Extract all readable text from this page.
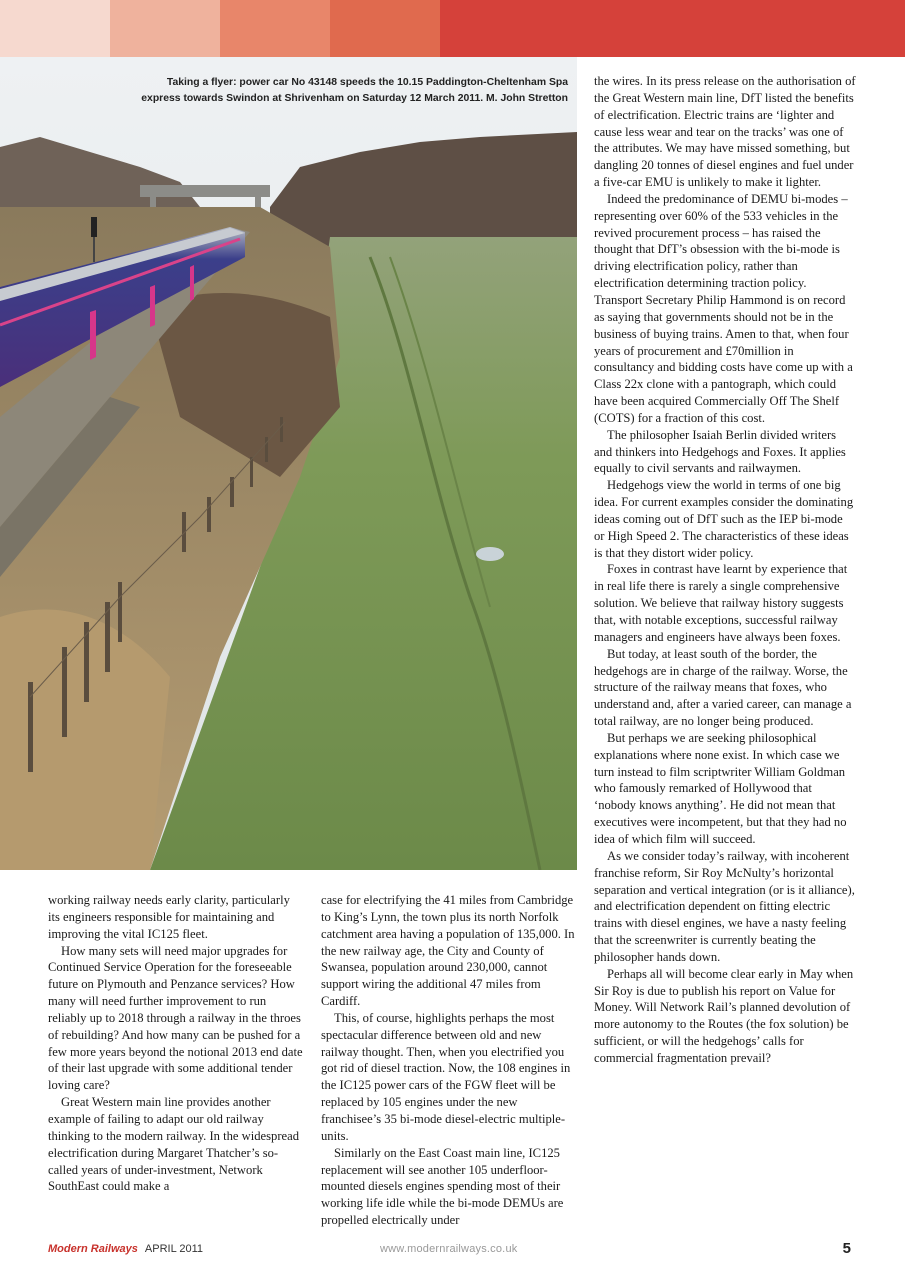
Taking a flyer: power car No 43148 speeds the 10.15 Paddington-Cheltenham Spa
express towards Swindon at Shrivenham on Saturday 12 March 2011. M. John Stretton

working railway needs early clarity, particularly its engineers responsible for maintaining and improving the vital IC125 fleet.

How many sets will need major upgrades for Continued Service Operation for the foreseeable future on Plymouth and Penzance services? How many will need further improvement to run reliably up to 2018 through a railway in the throes of rebuilding? And how many can be pushed for a few more years beyond the notional 2013 end date of their last upgrade with some additional tender loving care?

Great Western main line provides another example of failing to adapt our old railway thinking to the modern railway. In the widespread electrification during Margaret Thatcher’s so-called years of under-investment, Network SouthEast could make a

case for electrifying the 41 miles from Cambridge to King’s Lynn, the town plus its north Norfolk catchment area having a population of 135,000. In the new railway age, the City and County of Swansea, population around 230,000, cannot support wiring the additional 47 miles from Cardiff.

This, of course, highlights perhaps the most spectacular difference between old and new railway thought. Then, when you electrified you got rid of diesel traction. Now, the 108 engines in the IC125 power cars of the FGW fleet will be replaced by 105 engines under the new franchisee’s 35 bi-mode diesel-electric multiple-units.

Similarly on the East Coast main line, IC125 replacement will see another 105 underfloor-mounted diesels engines spending most of their working life idle while the bi-mode DEMUs are propelled electrically under

the wires. In its press release on the authorisation of the Great Western main line, DfT listed the benefits of electrification. Electric trains are ‘lighter and cause less wear and tear on the tracks’ was one of the attributes. We may have missed something, but dangling 20 tonnes of diesel engines and fuel under a five-car EMU is unlikely to make it lighter.

Indeed the predominance of DEMU bi-modes – representing over 60% of the 533 vehicles in the revived procurement process – has raised the thought that DfT’s obsession with the bi-mode is driving electrification policy, rather than electrification determining traction policy. Transport Secretary Philip Hammond is on record as saying that governments should not be in the business of buying trains. Amen to that, when four years of procurement and £70million in consultancy and bidding costs have come up with a Class 22x clone with a pantograph, which could have been acquired Commercially Off The Shelf (COTS) for a fraction of this cost.

The philosopher Isaiah Berlin divided writers and thinkers into Hedgehogs and Foxes. It applies equally to civil servants and railwaymen.

Hedgehogs view the world in terms of one big idea. For current examples consider the dominating ideas coming out of DfT such as the IEP bi-mode or High Speed 2. The characteristics of these ideas is that they distort wider policy.

Foxes in contrast have learnt by experience that in real life there is rarely a single comprehensive solution. We believe that railway history suggests that, with notable exceptions, successful railway managers and engineers have always been foxes.

But today, at least south of the border, the hedgehogs are in charge of the railway. Worse, the structure of the railway means that foxes, who understand and, after a varied career, can manage a total railway, are no longer being produced.

But perhaps we are seeking philosophical explanations where none exist. In which case we turn instead to film scriptwriter William Goldman who famously remarked of Hollywood that ‘nobody knows anything’. He did not mean that executives were incompetent, but that they had no idea of which film will succeed.

As we consider today’s railway, with incoherent franchise reform, Sir Roy McNulty’s horizontal separation and vertical integration (or is it alliance), and electrification dependent on fitting electric trains with diesel engines, we have a nasty feeling that the screenwriter is currently beating the philosopher hands down.

Perhaps all will become clear early in May when Sir Roy is due to publish his report on Value for Money. Will Network Rail’s planned devolution of more autonomy to the Routes (the fox solution) be sufficient, or will the hedgehogs’ calls for commercial fragmentation prevail?

Modern Railways APRIL 2011	www.modernrailways.co.uk	5
